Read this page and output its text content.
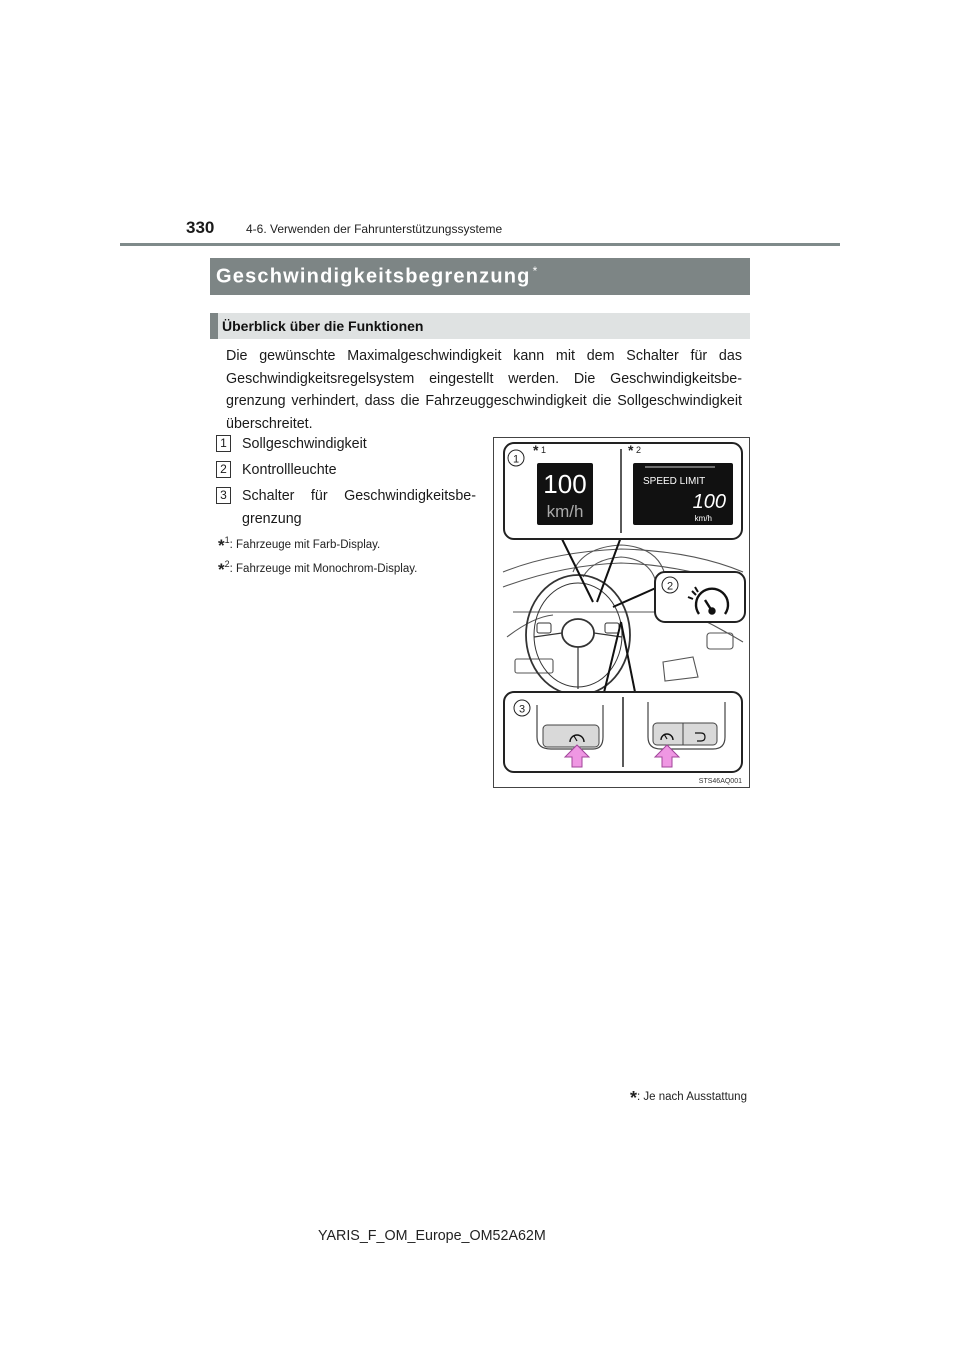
330	4-6. Verwenden der Fahrunterstützungssysteme
Geschwindigkeitsbegrenzung *
Überblick über die Funktionen
Die gewünschte Maximalgeschwindigkeit kann mit dem Schalter für das Geschwindigkeitsregelsystem eingestellt werden. Die Geschwindigkeitsbegrenzung verhindert, dass die Fahrzeuggeschwindigkeit die Sollgeschwindigkeit überschreitet.
1 Sollgeschwindigkeit
2 Kontrollleuchte
3 Schalter für Geschwindigkeitsbegrenzung
*$^1$: Fahrzeuge mit Farb-Display.
*$^2$: Fahrzeuge mit Monochrom-Display.
1
* 1	* 2
100
km/h
SPEED LIMIT
100
km/h
2
3
STS46AQ001
*: Je nach Ausstattung
YARIS_F_OM_Europe_OM52A62M
